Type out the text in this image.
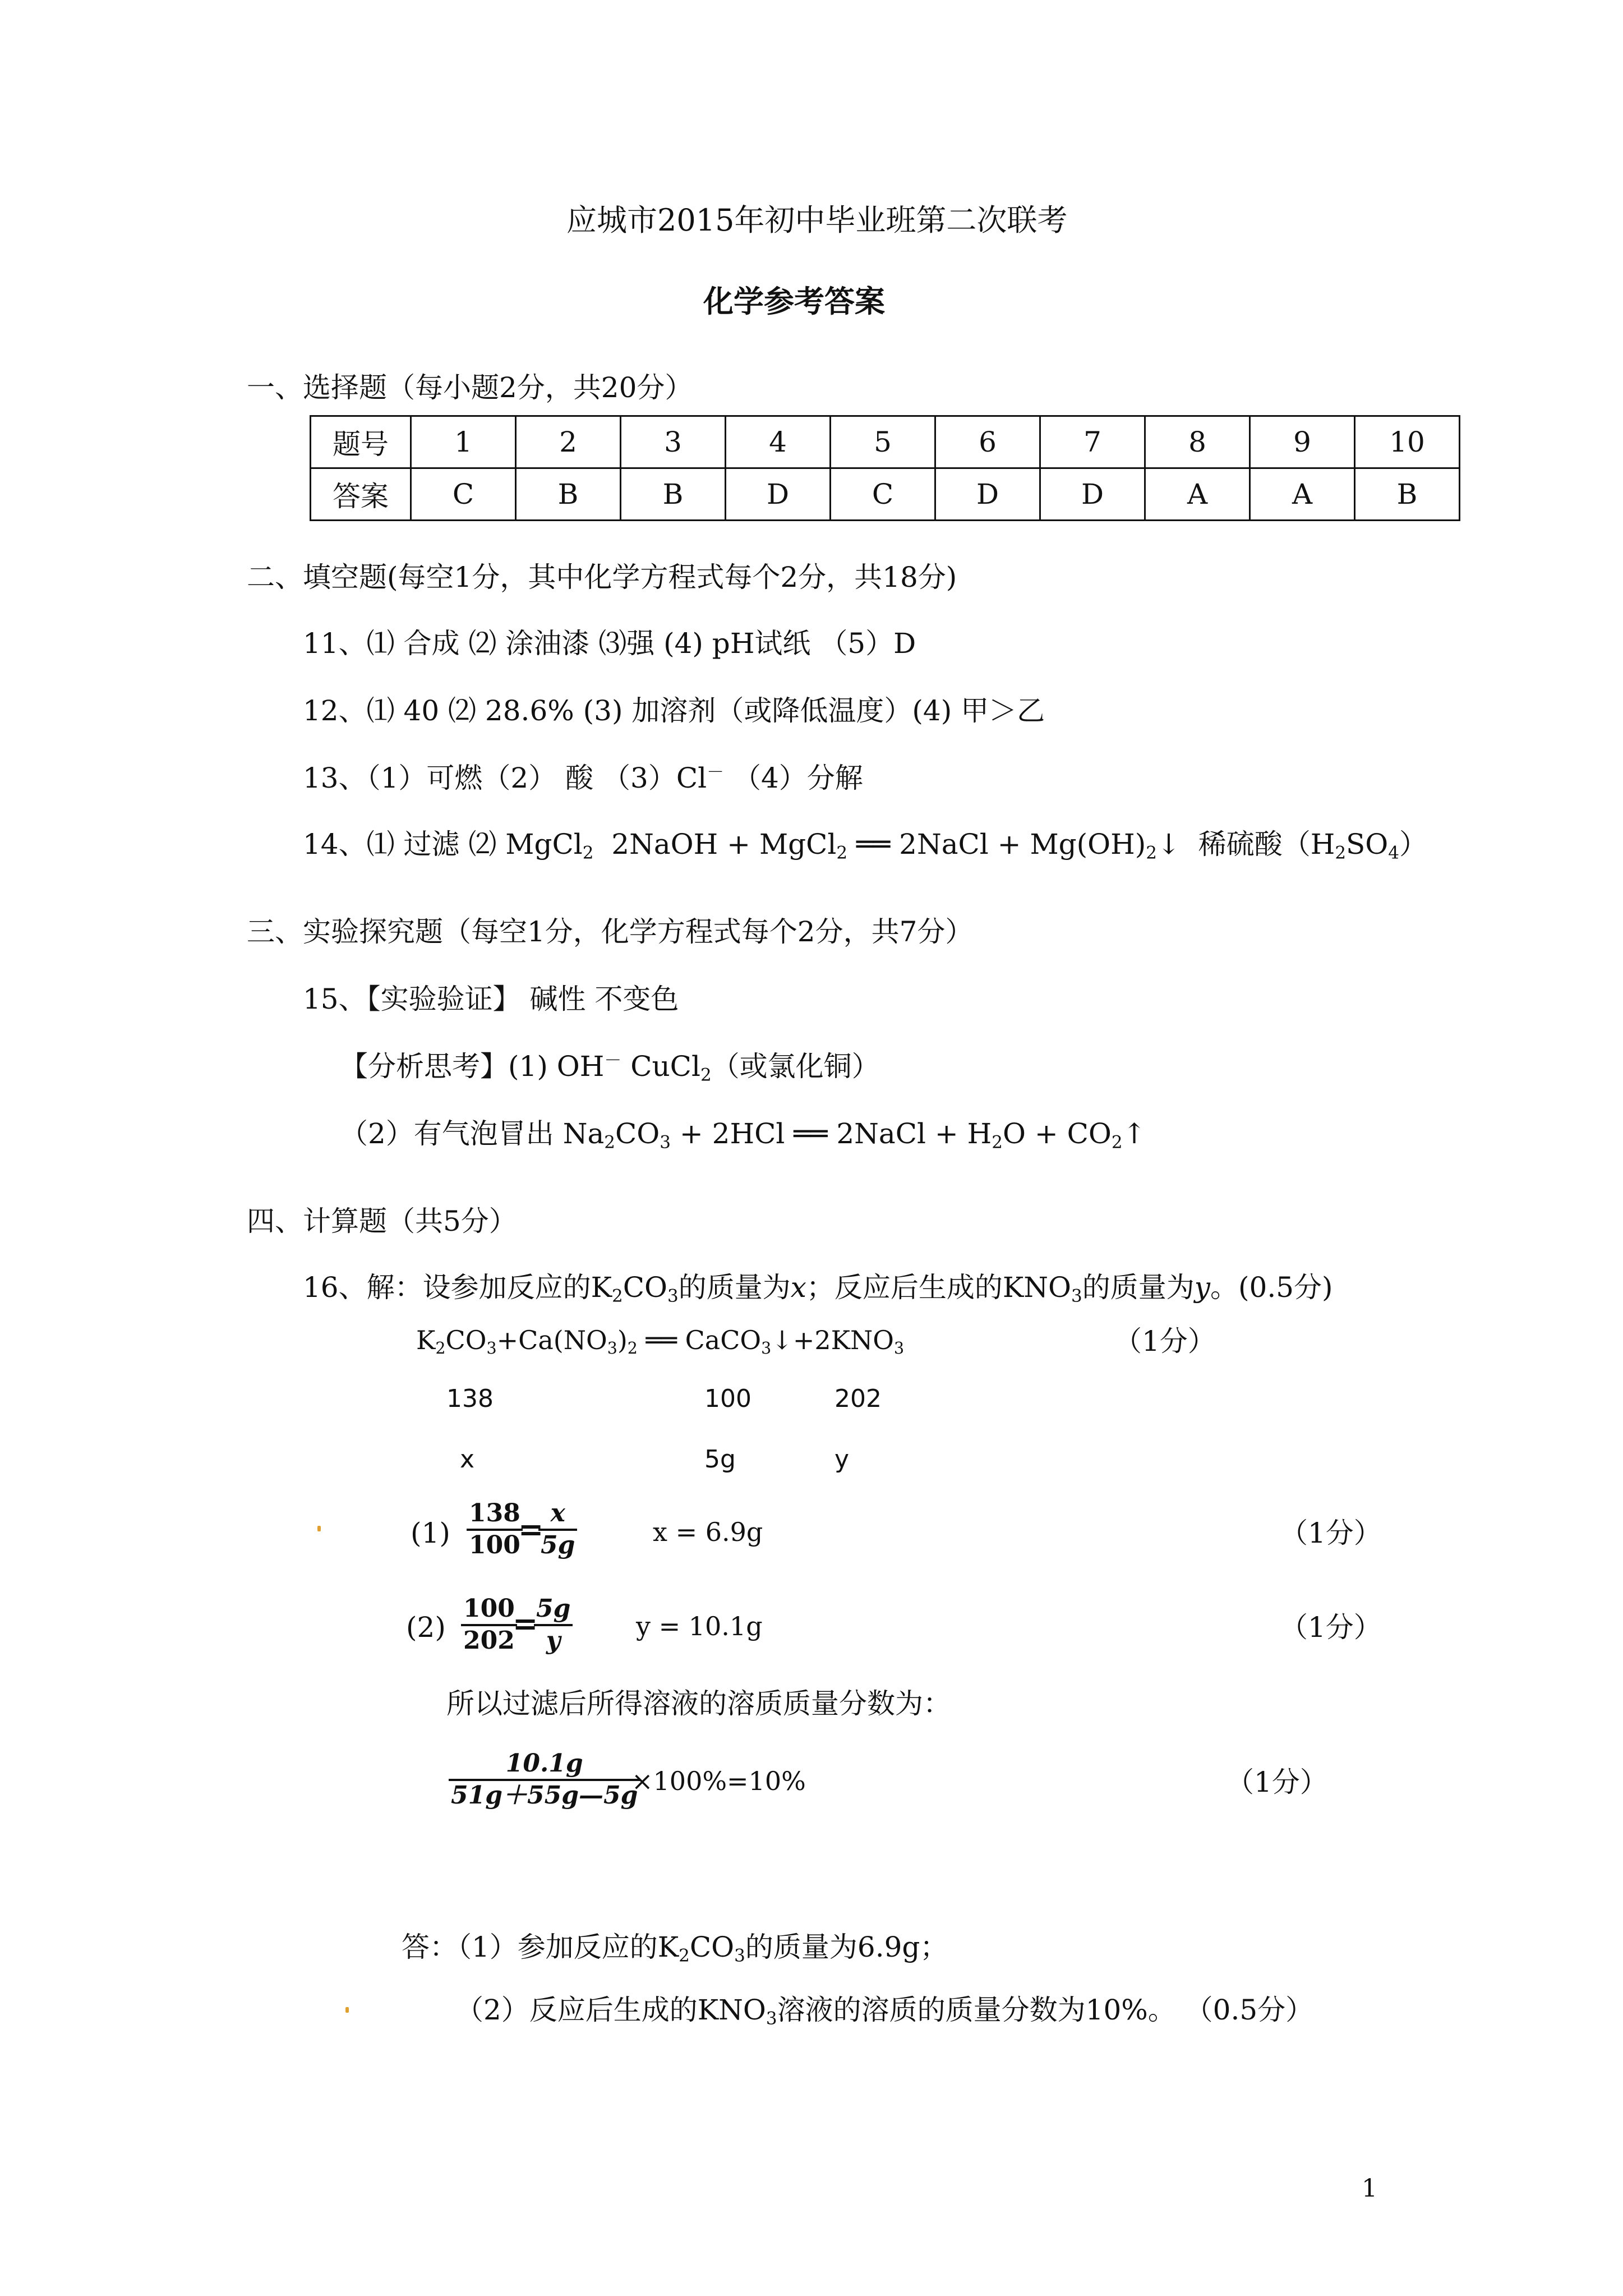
应城市2015年初中毕业班第二次联考
化学参考答案
一、选择题（每小题2分，共20分）
题号	1	2	3	4	5	6	7	8	9	10
答案	C	B	B	D	C	D	D	A	A	B
二、填空题(每空1分，其中化学方程式每个2分，共18分)
11、⑴ 合成 ⑵ 涂油漆 ⑶强 (4) pH试纸 （5）D
12、⑴ 40 ⑵ 28.6% (3) 加溶剂（或降低温度）(4) 甲＞乙
13、（1）可燃（2） 酸 （3）Cl－ （4）分解
14、⑴ 过滤 ⑵ MgCl$_2$ 2NaOH + MgCl$_2$ ══ 2NaCl + $Mg(OH)_2$ ↓ 稀硫酸$(H_2SO_4)$
三、实验探究题（每空1分，化学方程式每个2分，共7分）
15、【实验验证】 碱性 不变色
【分析思考】(1) OH－ CuCl$_2$（或氯化铜）
（2）有气泡冒出 $Na_2CO_3 + 2HCl$ ══ 2NaCl + $H_2O$ + $CO_2↑$
四、计算题（共5分）
16、解：设参加反应的$K_2CO_3$的质量为x；反应后生成的$KNO_3$的质量为y。(0.5分)
$K_2CO_3+Ca(NO_3)_2$ ══ $CaCO_3↓+2KNO_3$	（1分）
138	100	202
x	5g	y
(1)
138
100
= x
5g	x = 6.9g	（1分）
(2)
100
202
=
5g
y	y = 10.1g	（1分）
所以过滤后所得溶液的溶质质量分数为：
10.1g
51g＋55g—5g
×100%=10%	（1分）
答：（1）参加反应的$K_2CO_3$的质量为6.9g；
（2）反应后生成的$KNO_3$溶液的溶质的质量分数为10%。 （0.5分）
1
